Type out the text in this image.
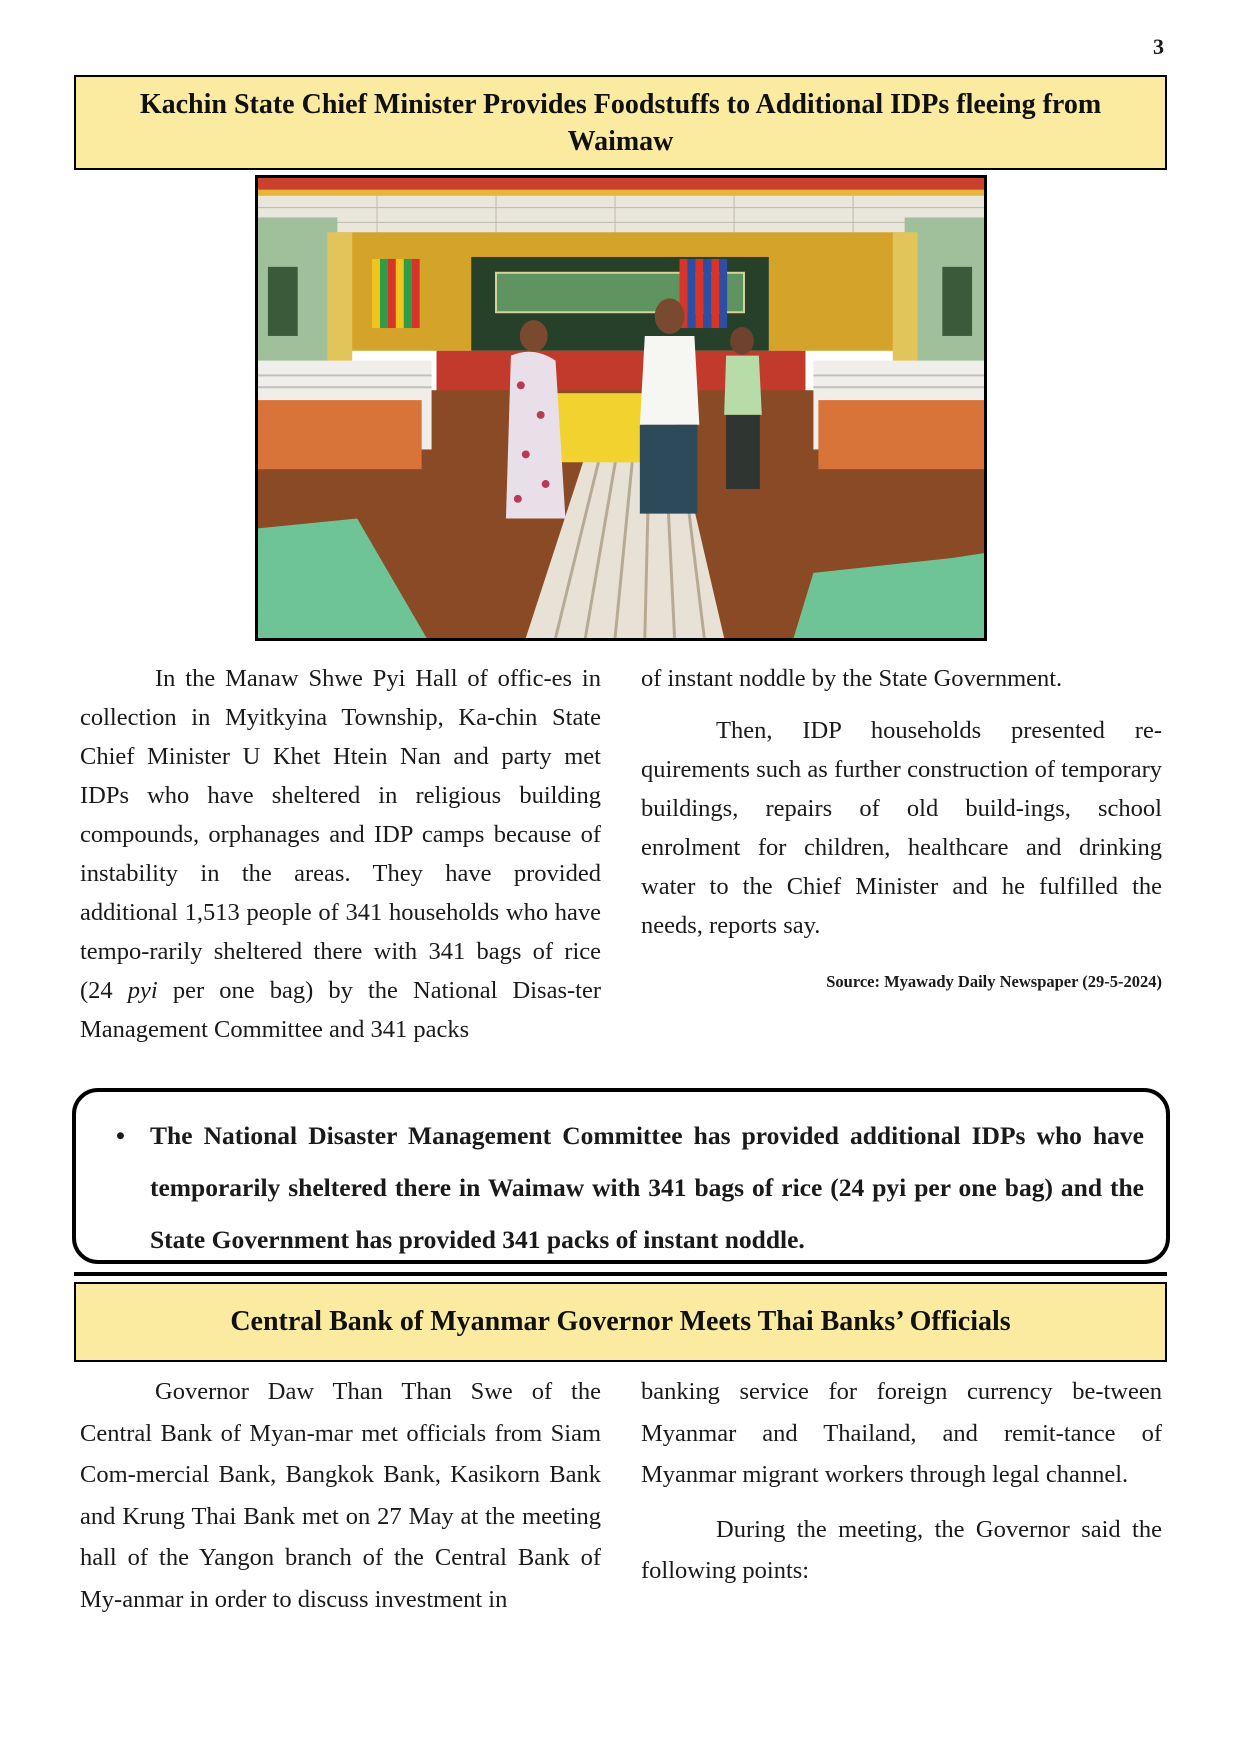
3
Kachin State Chief Minister Provides Foodstuffs to Additional IDPs fleeing from Waimaw

In the Manaw Shwe Pyi Hall of offic-es in collection in Myitkyina Township, Ka-chin State Chief Minister U Khet Htein Nan and party met IDPs who have sheltered in religious building compounds, orphanages and IDP camps because of instability in the areas. They have provided additional 1,513 people of 341 households who have tempo-rarily sheltered there with 341 bags of rice (24 pyi per one bag) by the National Disas-ter Management Committee and 341 packs

of instant noddle by the State Government.

Then, IDP households presented re-quirements such as further construction of temporary buildings, repairs of old build-ings, school enrolment for children, healthcare and drinking water to the Chief Minister and he fulfilled the needs, reports say.

Source: Myawady Daily Newspaper (29-5-2024)
• The National Disaster Management Committee has provided additional IDPs who have temporarily sheltered there in Waimaw with 341 bags of rice (24 pyi per one bag) and the State Government has provided 341 packs of instant noddle.
Central Bank of Myanmar Governor Meets Thai Banks’ Officials

Governor Daw Than Than Swe of the Central Bank of Myan-mar met officials from Siam Com-mercial Bank, Bangkok Bank, Kasikorn Bank and Krung Thai Bank met on 27 May at the meeting hall of the Yangon branch of the Central Bank of My-anmar in order to discuss investment in

banking service for foreign currency be-tween Myanmar and Thailand, and remit-tance of Myanmar migrant workers through legal channel.

During the meeting, the Governor said the following points:
